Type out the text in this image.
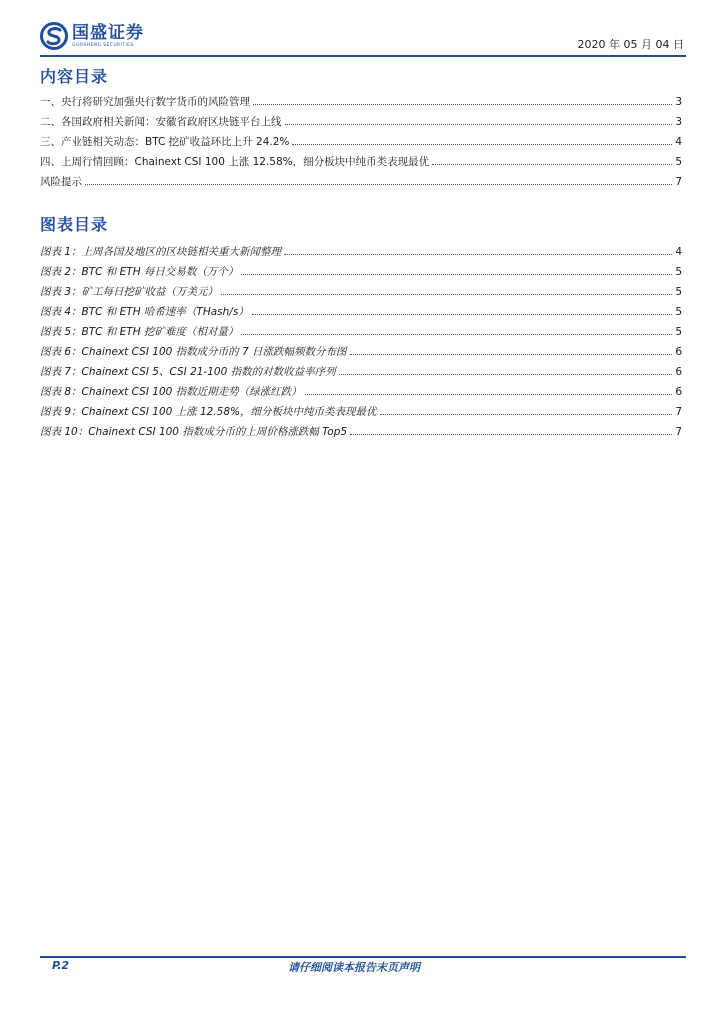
国盛证券
GUOSHENG SECURITIES	2020 年 05 月 04 日
内容目录
一、央行将研究加强央行数字货币的风险管理	3
二、各国政府相关新闻：安徽省政府区块链平台上线	3
三、产业链相关动态：BTC 挖矿收益环比上升 24.2%	4
四、上周行情回顾：Chainext CSI 100 上涨 12.58%，细分板块中纯币类表现最优	5
风险提示	7
图表目录
图表 1：上周各国及地区的区块链相关重大新闻整理	4
图表 2：BTC 和 ETH 每日交易数（万个）	5
图表 3：矿工每日挖矿收益（万美元）	5
图表 4：BTC 和 ETH 哈希速率（THash/s）	5
图表 5：BTC 和 ETH 挖矿难度（相对量）	5
图表 6：Chainext CSI 100 指数成分币的 7 日涨跌幅频数分布图	6
图表 7：Chainext CSI 5、CSI 21-100 指数的对数收益率序列	6
图表 8：Chainext CSI 100 指数近期走势（绿涨红跌）	6
图表 9：Chainext CSI 100 上涨 12.58%，细分板块中纯币类表现最优	7
图表 10：Chainext CSI 100 指数成分币的上周价格涨跌幅 Top5	7
P.2	请仔细阅读本报告末页声明
